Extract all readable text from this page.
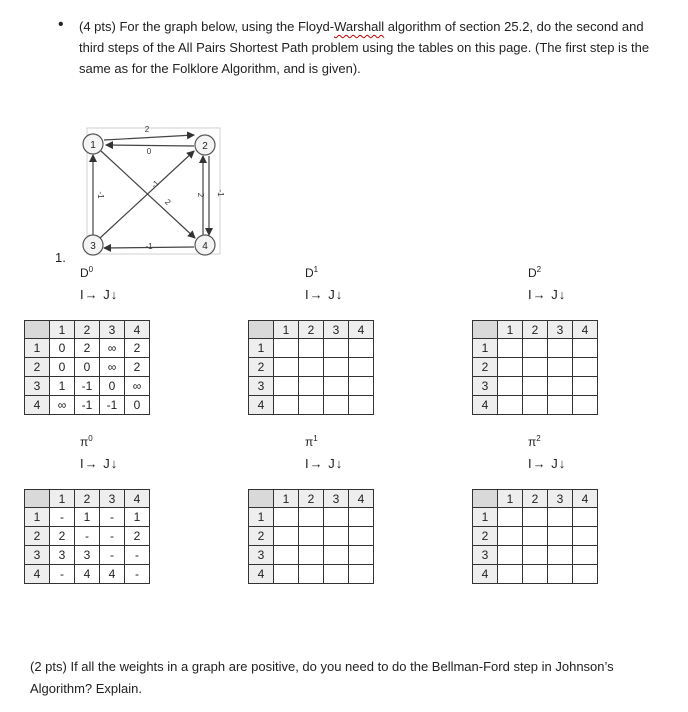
• (4 pts) For the graph below, using the Floyd-Warshall algorithm of section 25.2, do the second and third steps of the All Pairs Shortest Path problem using the tables on this page. (The first step is the same as for the Folklore Algorithm, and is given).
2
0
-1
-1
2 -1
-1
2
1	2
3	4
1.
$D^0$	$D^1$	$D^2$
I→ J↓	I→ J↓	I→ J↓
	1	2	3	4
1	0	2	∞	2
2	0	0	∞	2
3	1	-1	0	∞
4	∞	-1	-1	0
	1	2	3	4
1				
2				
3				
4				
	1	2	3	4
1				
2				
3				
4				
$\pi^0$	$\pi^1$	$\pi^2$
I→ J↓	I→ J↓	I→ J↓
	1	2	3	4
1	-	1	-	1
2	2	-	-	2
3	3	3	-	-
4	-	4	4	-
	1	2	3	4
1				
2				
3				
4				
	1	2	3	4
1				
2				
3				
4				
(2 pts) If all the weights in a graph are positive, do you need to do the Bellman-Ford step in Johnson’s Algorithm? Explain.
